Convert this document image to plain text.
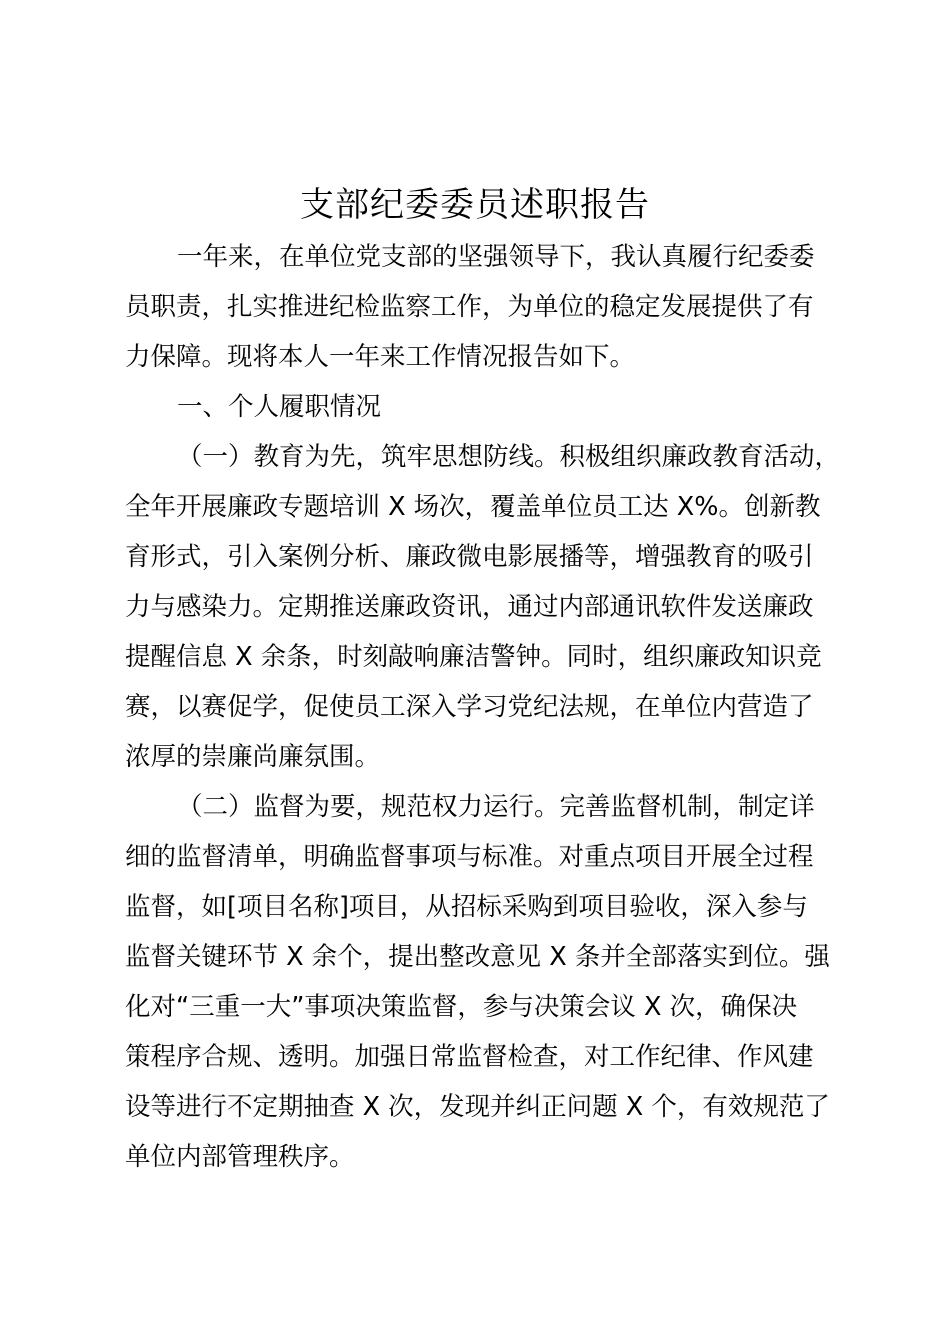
支部纪委委员述职报告
一年来，在单位党支部的坚强领导下，我认真履行纪委委
员职责，扎实推进纪检监察工作，为单位的稳定发展提供了有
力保障。现将本人一年来工作情况报告如下。
一、个人履职情况
（一）教育为先，筑牢思想防线。积极组织廉政教育活动，
全年开展廉政专题培训 X 场次，覆盖单位员工达 X%。创新教
育形式，引入案例分析、廉政微电影展播等，增强教育的吸引
力与感染力。定期推送廉政资讯，通过内部通讯软件发送廉政
提醒信息 X 余条，时刻敲响廉洁警钟。同时，组织廉政知识竞
赛，以赛促学，促使员工深入学习党纪法规，在单位内营造了
浓厚的崇廉尚廉氛围。
（二）监督为要，规范权力运行。完善监督机制，制定详
细的监督清单，明确监督事项与标准。对重点项目开展全过程
监督，如[项目名称]项目，从招标采购到项目验收，深入参与
监督关键环节 X 余个，提出整改意见 X 条并全部落实到位。强
化对“三重一大”事项决策监督，参与决策会议 X 次，确保决
策程序合规、透明。加强日常监督检查，对工作纪律、作风建
设等进行不定期抽查 X 次，发现并纠正问题 X 个，有效规范了
单位内部管理秩序。
